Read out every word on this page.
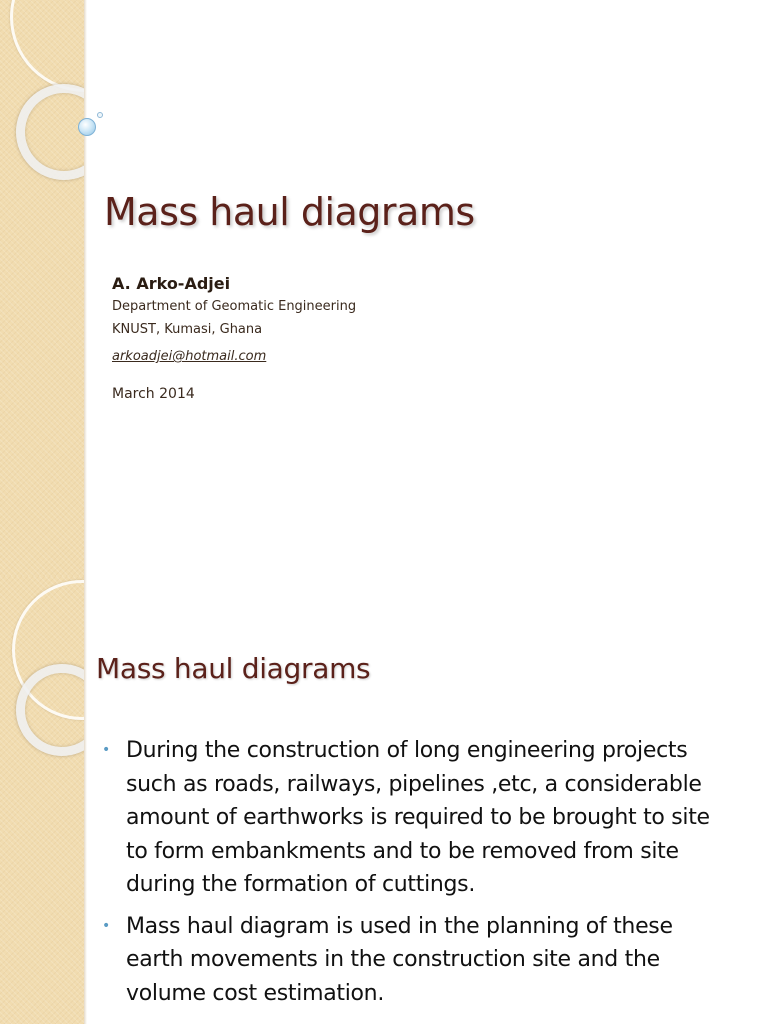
Mass haul diagrams

A. Arko-Adjei

Department of Geomatic Engineering

KNUST, Kumasi, Ghana

arkoadjei@hotmail.com

March 2014

Mass haul diagrams
• During the construction of long engineering projects such as roads, railways, pipelines ,etc, a considerable amount of earthworks is required to be brought to site to form embankments and to be removed from site during the formation of cuttings.
• Mass haul diagram is used in the planning of these earth movements in the construction site and the volume cost estimation.
